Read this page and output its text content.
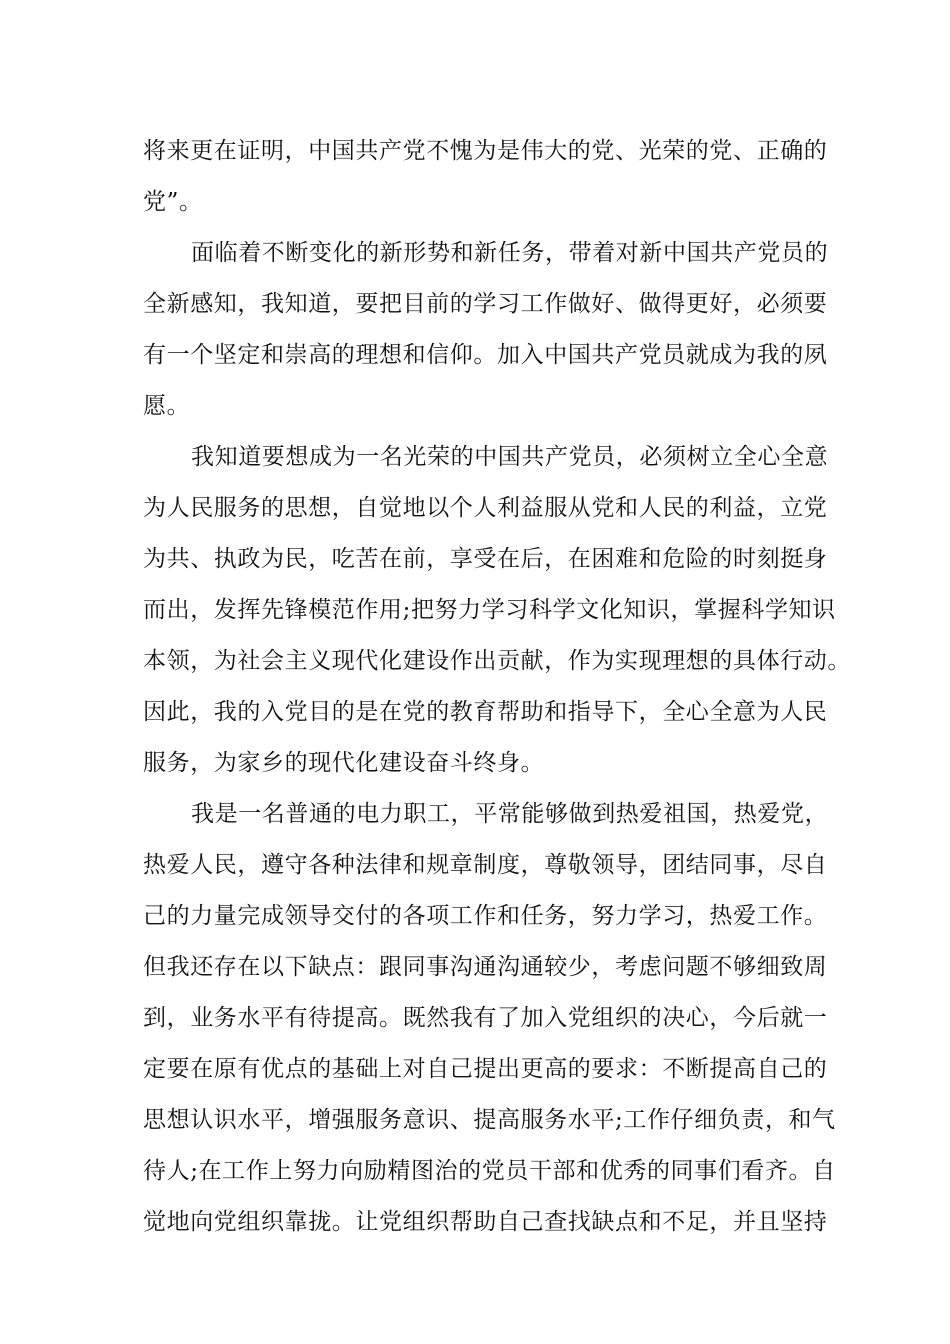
将来更在证明，中国共产党不愧为是伟大的党、光荣的党、正确的
党”。
面临着不断变化的新形势和新任务，带着对新中国共产党员的
全新感知，我知道，要把目前的学习工作做好、做得更好，必须要
有一个坚定和崇高的理想和信仰。加入中国共产党员就成为我的夙
愿。
我知道要想成为一名光荣的中国共产党员，必须树立全心全意
为人民服务的思想，自觉地以个人利益服从党和人民的利益，立党
为共、执政为民，吃苦在前，享受在后，在困难和危险的时刻挺身
而出，发挥先锋模范作用;把努力学习科学文化知识，掌握科学知识
本领，为社会主义现代化建设作出贡献，作为实现理想的具体行动。
因此，我的入党目的是在党的教育帮助和指导下，全心全意为人民
服务，为家乡的现代化建设奋斗终身。
我是一名普通的电力职工，平常能够做到热爱祖国，热爱党，
热爱人民，遵守各种法律和规章制度，尊敬领导，团结同事，尽自
己的力量完成领导交付的各项工作和任务，努力学习，热爱工作。
但我还存在以下缺点：跟同事沟通沟通较少，考虑问题不够细致周
到，业务水平有待提高。既然我有了加入党组织的决心，今后就一
定要在原有优点的基础上对自己提出更高的要求：不断提高自己的
思想认识水平，增强服务意识、提高服务水平;工作仔细负责，和气
待人;在工作上努力向励精图治的党员干部和优秀的同事们看齐。自
觉地向党组织靠拢。让党组织帮助自己查找缺点和不足，并且坚持
